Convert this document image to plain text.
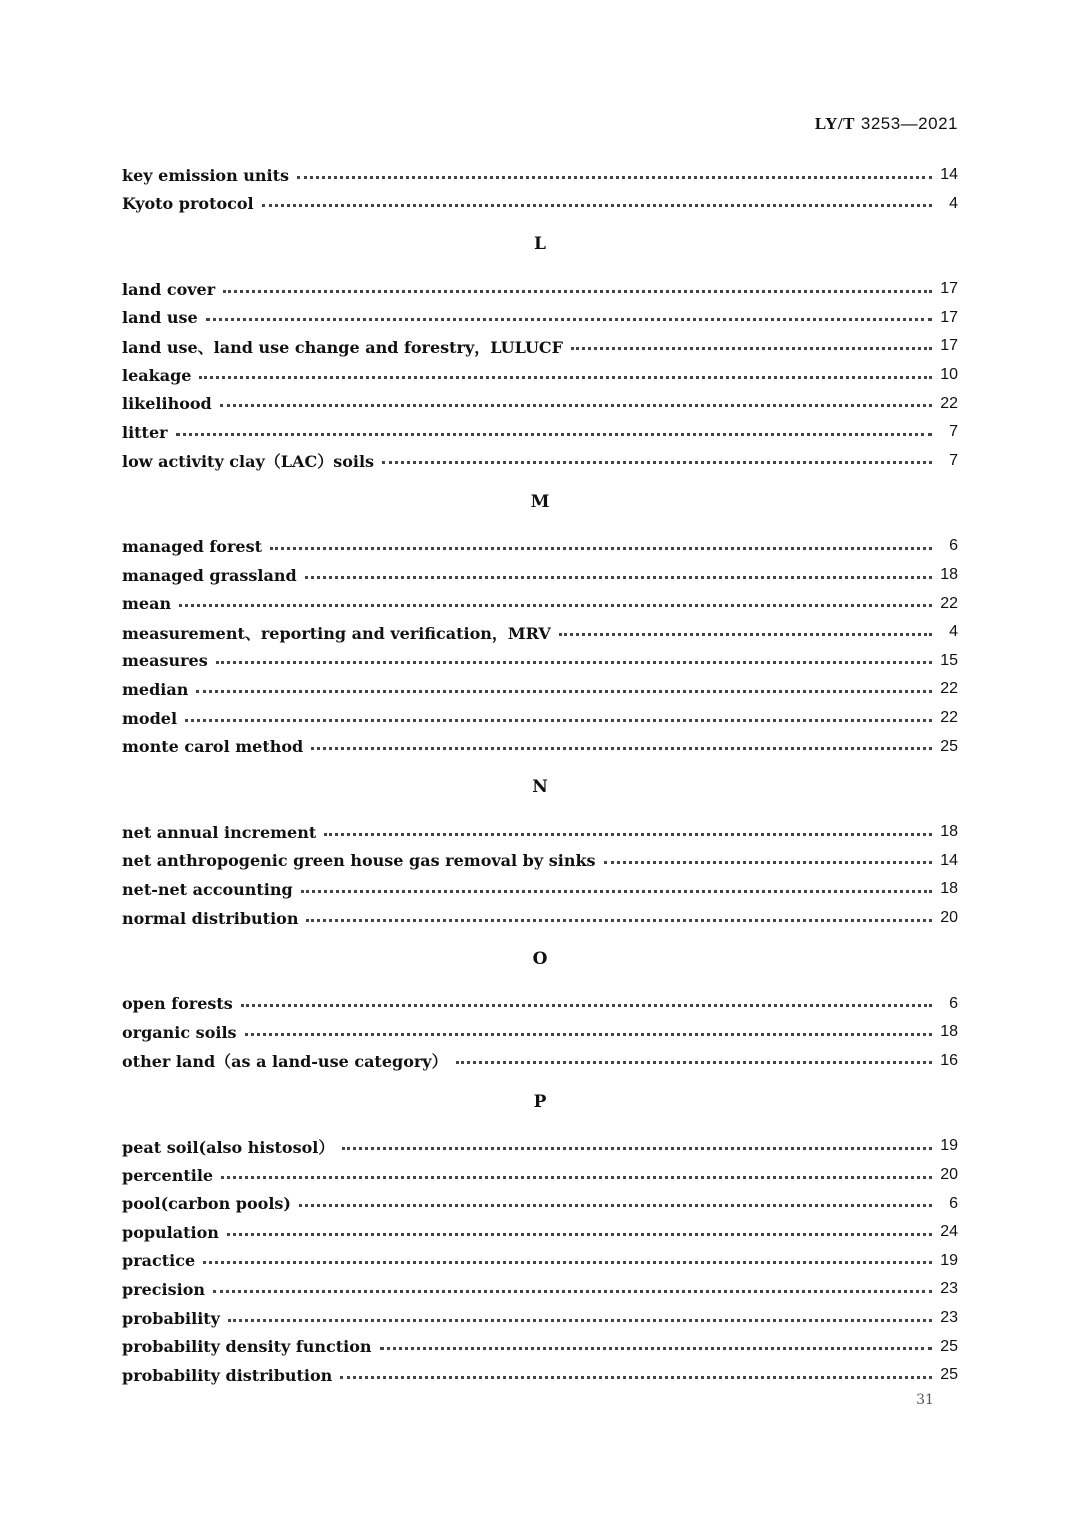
LY/T 3253—2021
key emission units	14
Kyoto protocol	4
L
land cover	17
land use	17
land use、land use change and forestry，LULUCF	17
leakage	10
likelihood	22
litter	7
low activity clay（LAC）soils	7
M
managed forest	6
managed grassland	18
mean	22
measurement、reporting and verification，MRV	4
measures	15
median	22
model	22
monte carol method	25
N
net annual increment	18
net anthropogenic green house gas removal by sinks	14
net-net accounting	18
normal distribution	20
O
open forests	6
organic soils	18
other land（as a land-use category）	16
P
peat soil(also histosol）	19
percentile	20
pool(carbon pools)	6
population	24
practice	19
precision	23
probability	23
probability density function	25
probability distribution	25
31
